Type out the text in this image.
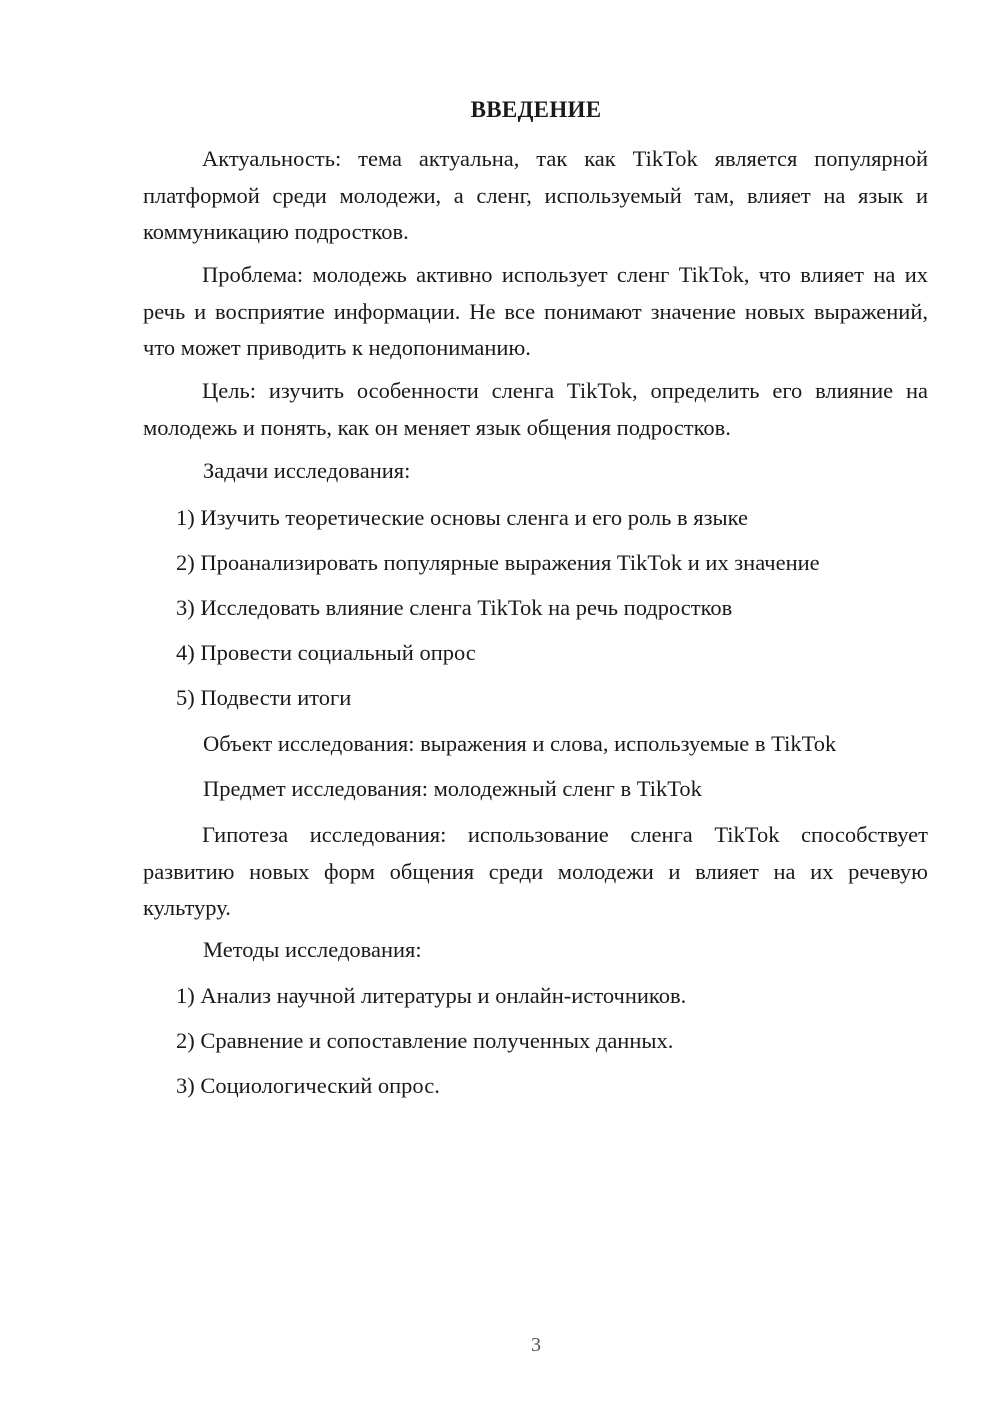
ВВЕДЕНИЕ

Актуальность: тема актуальна, так как TikTok является популярной платформой среди молодежи, а сленг, используемый там, влияет на язык и коммуникацию подростков.

Проблема: молодежь активно использует сленг TikTok, что влияет на их речь и восприятие информации. Не все понимают значение новых выражений, что может приводить к недопониманию.

Цель: изучить особенности сленга TikTok, определить его влияние на молодежь и понять, как он меняет язык общения подростков.

Задачи исследования:
1) Изучить теоретические основы сленга и его роль в языке
2) Проанализировать популярные выражения TikTok и их значение
3) Исследовать влияние сленга TikTok на речь подростков
4) Провести социальный опрос
5) Подвести итоги
Объект исследования: выражения и слова, используемые в TikTok
Предмет исследования: молодежный сленг в TikTok

Гипотеза исследования: использование сленга TikTok способствует развитию новых форм общения среди молодежи и влияет на их речевую культуру.

Методы исследования:
1) Анализ научной литературы и онлайн-источников.
2) Сравнение и сопоставление полученных данных.
3) Социологический опрос.
3
